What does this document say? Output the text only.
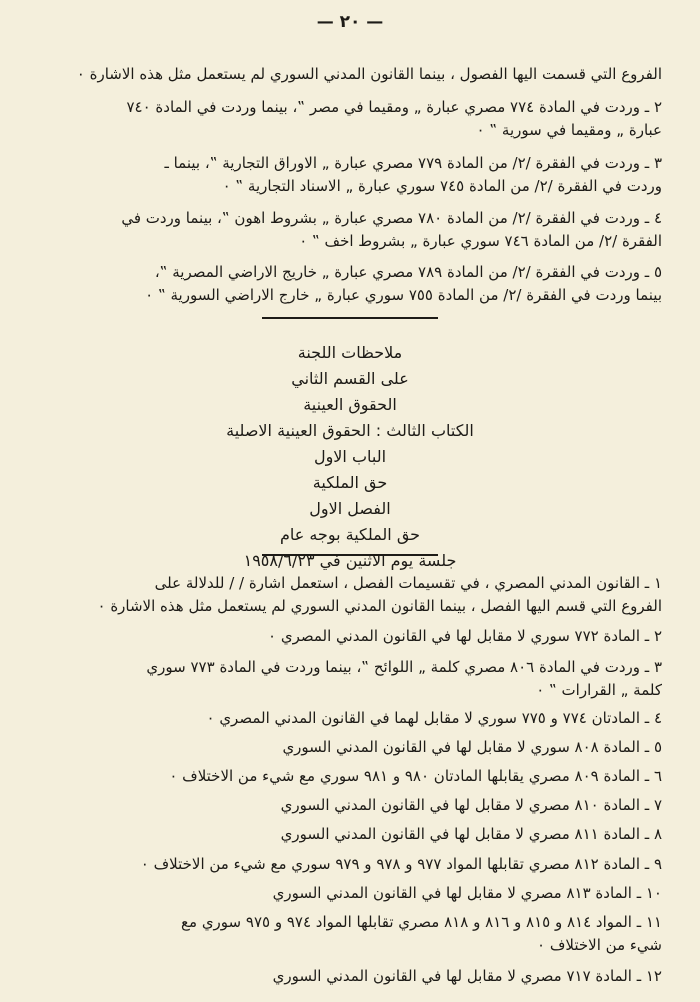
— ٢٠ —
الفروع التي قسمت اليها الفصول ، بينما القانون المدني السوري لم يستعمل مثل هذه الاشارة ٠
٢ ـ وردت في المادة ٧٧٤ مصري عبارة „ ومقيما في مصر ‟، بينما وردت في المادة ٧٤٠
عبارة „ ومقيما في سورية ‟ ٠
٣ ـ وردت في الفقرة /٢/ من المادة ٧٧٩ مصري عبارة „ الاوراق التجارية ‟، بينما ـ
وردت في الفقرة /٢/ من المادة ٧٤٥ سوري عبارة „ الاسناد التجارية ‟ ٠
٤ ـ وردت في الفقرة /٢/ من المادة ٧٨٠ مصري عبارة „ بشروط اهون ‟، بينما وردت في
الفقرة /٢/ من المادة ٧٤٦ سوري عبارة „ بشروط اخف ‟ ٠
٥ ـ وردت في الفقرة /٢/ من المادة ٧٨٩ مصري عبارة „ خاريج الاراضي المصرية ‟،
بينما وردت في الفقرة /٢/ من المادة ٧٥٥ سوري عبارة „ خارج الاراضي السورية ‟ ٠
ملاحظات اللجنة
على القسم الثاني
الحقوق العينية
الكتاب الثالث : الحقوق العينية الاصلية
الباب الاول
حق الملكية
الفصل الاول
حق الملكية بوجه عام
جلسة يوم الاثنين في ١٩٥٨/٦/٢٣
١ ـ القانون المدني المصري ، في تقسيمات الفصل ، استعمل اشارة / / للدلالة على
الفروع التي قسم اليها الفصل ، بينما القانون المدني السوري لم يستعمل مثل هذه الاشارة ٠
٢ ـ المادة ٧٧٢ سوري لا مقابل لها في القانون المدني المصري ٠
٣ ـ وردت في المادة ٨٠٦ مصري كلمة „ اللوائح ‟، بينما وردت في المادة ٧٧٣ سوري
كلمة „ القرارات ‟ ٠
٤ ـ المادتان ٧٧٤ و ٧٧٥ سوري لا مقابل لهما في القانون المدني المصري ٠
٥ ـ المادة ٨٠٨ سوري لا مقابل لها في القانون المدني السوري
٦ ـ المادة ٨٠٩ مصري يقابلها المادتان ٩٨٠ و ٩٨١ سوري مع شيء من الاختلاف ٠
٧ ـ المادة ٨١٠ مصري لا مقابل لها في القانون المدني السوري
٨ ـ المادة ٨١١ مصري لا مقابل لها في القانون المدني السوري
٩ ـ المادة ٨١٢ مصري تقابلها المواد ٩٧٧ و ٩٧٨ و ٩٧٩ سوري مع شيء من الاختلاف ٠
١٠ ـ المادة ٨١٣ مصري لا مقابل لها في القانون المدني السوري
١١ ـ المواد ٨١٤ و ٨١٥ و ٨١٦ و ٨١٨ مصري تقابلها المواد ٩٧٤ و ٩٧٥ سوري مع
شيء من الاختلاف ٠
١٢ ـ المادة ٧١٧ مصري لا مقابل لها في القانون المدني السوري
